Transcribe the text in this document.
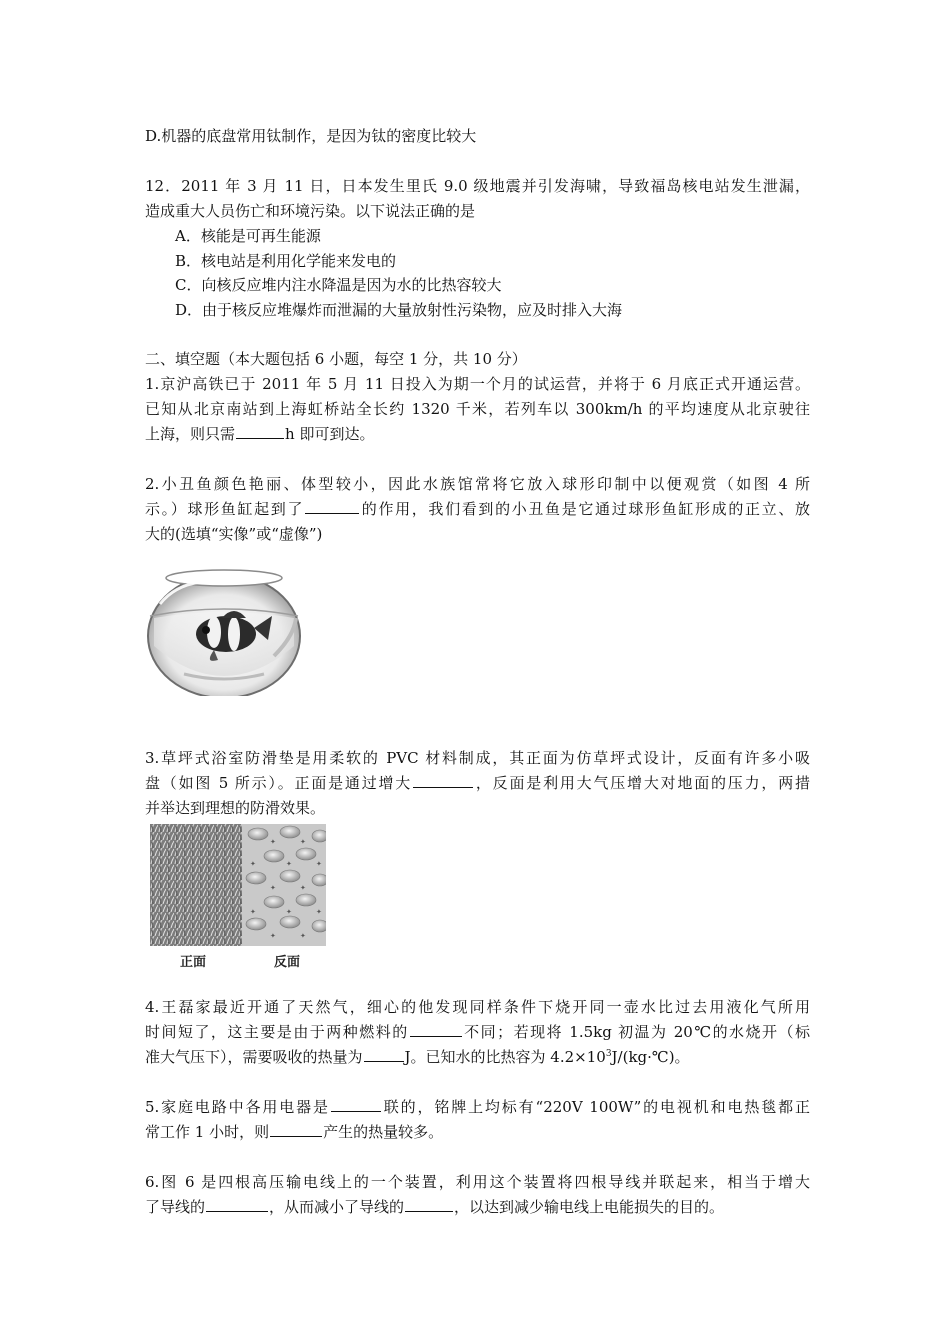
D.机器的底盘常用钛制作，是因为钛的密度比较大

12．2011 年 3 月 11 日，日本发生里氏 9.0 级地震并引发海啸，导致福岛核电站发生泄漏，
造成重大人员伤亡和环境污染。以下说法正确的是

A．核能是可再生能源

B．核电站是利用化学能来发电的

C．向核反应堆内注水降温是因为水的比热容较大

D．由于核反应堆爆炸而泄漏的大量放射性污染物，应及时排入大海

二、填空题（本大题包括 6 小题，每空 1 分，共 10 分）

1.京沪高铁已于 2011 年 5 月 11 日投入为期一个月的试运营，并将于 6 月底正式开通运营。
已知从北京南站到上海虹桥站全长约 1320 千米，若列车以 300km/h 的平均速度从北京驶往
上海，则只需	h 即可到达。

2.小丑鱼颜色艳丽、体型较小，因此水族馆常将它放入球形印制中以便观赏（如图 4 所
示。）球形鱼缸起到了	的作用，我们看到的小丑鱼是它通过球形鱼缸形成的正立、放
大的(选填“实像”或“虚像”)

3.草坪式浴室防滑垫是用柔软的 PVC 材料制成，其正面为仿草坪式设计，反面有许多小吸
盘（如图 5 所示）。正面是通过增大	，反面是利用大气压增大对地面的压力，两措
并举达到理想的防滑效果。

✦	✦
✦	✦	✦
✦	✦
✦	✦	✦
✦	✦
正面	反面

4.王磊家最近开通了天然气，细心的他发现同样条件下烧开同一壶水比过去用液化气所用
时间短了，这主要是由于两种燃料的	不同；若现将 1.5kg 初温为 20℃的水烧开（标
准大气压下），需要吸收的热量为	J。已知水的比热容为 $4.2\times 10^3J/(kg\cdot℃)$。

5.家庭电路中各用电器是	联的，铭牌上均标有“220V 100W”的电视机和电热毯都正
常工作 1 小时，则	产生的热量较多。

6.图 6 是四根高压输电线上的一个装置，利用这个装置将四根导线并联起来，相当于增大
了导线的	，从而减小了导线的	，以达到减少输电线上电能损失的目的。
